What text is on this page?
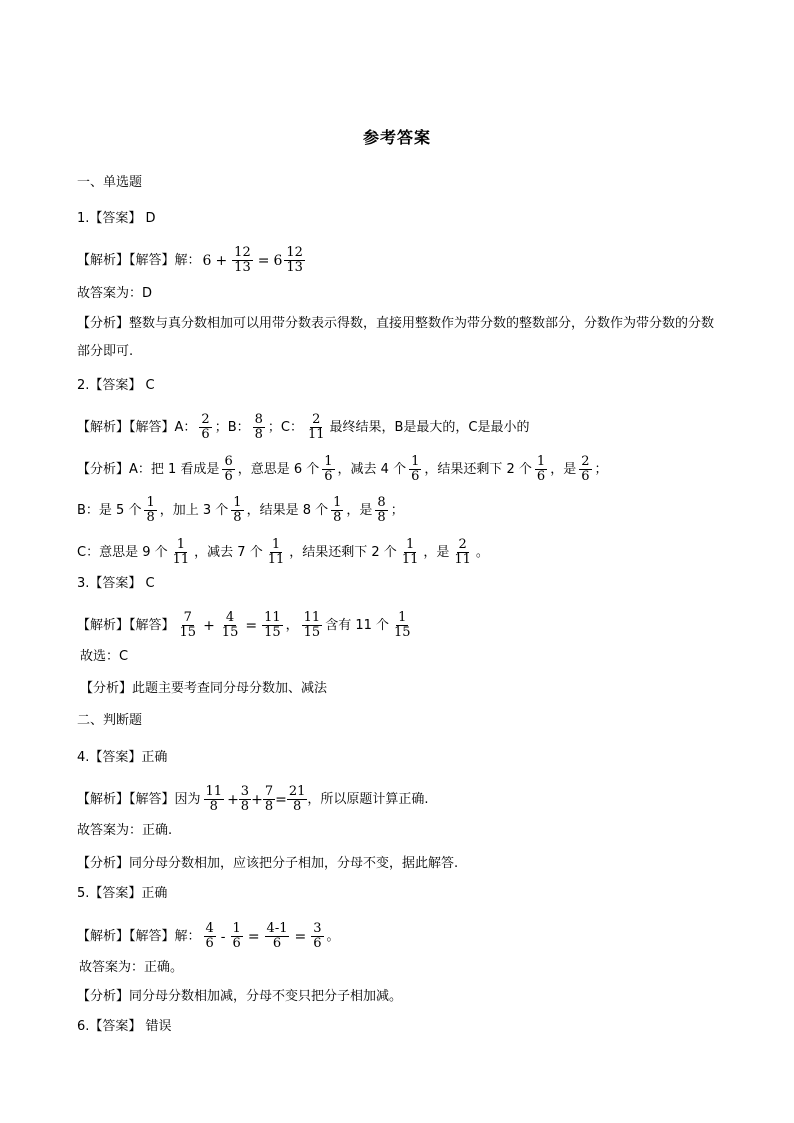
参考答案
一、单选题
1.【答案】 D
【解析】【解答】解： $6 + \frac{12}{13} = 6 \frac{12}{13}$
故答案为：D
【分析】整数与真分数相加可以用带分数表示得数，直接用整数作为带分数的整数部分，分数作为带分数的分数部分即可.
2.【答案】 C
【解析】【解答】A： $\frac{2}{6}$ ；B： $\frac{8}{8}$ ；C： $\frac{2}{11}$ 最终结果，B是最大的，C是最小的
【分析】A：把 1 看成是 $\frac{6}{6}$ ，意思是 6 个 $\frac{1}{6}$ ，减去 4 个 $\frac{1}{6}$ ，结果还剩下 2 个 $\frac{1}{6}$ ，是 $\frac{2}{6}$ ；
B：是 5 个 $\frac{1}{8}$ ，加上 3 个 $\frac{1}{8}$ ，结果是 8 个 $\frac{1}{8}$ ，是 $\frac{8}{8}$ ；
C：意思是 9 个 $\frac{1}{11}$ ，减去 7 个 $\frac{1}{11}$ ，结果还剩下 2 个 $\frac{1}{11}$ ，是 $\frac{2}{11}$ 。
3.【答案】 C
【解析】【解答】 $\frac{7}{15} + \frac{4}{15} = \frac{11}{15}$ ， $\frac{11}{15}$ 含有 11 个 $\frac{1}{15}$
故选：C
【分析】此题主要考查同分母分数加、减法
二、判断题
4.【答案】正确
【解析】【解答】因为 $\frac{11}{8} + \frac{3}{8} + \frac{7}{8} = \frac{21}{8}$ ，所以原题计算正确.
故答案为：正确.
【分析】同分母分数相加，应该把分子相加，分母不变，据此解答.
5.【答案】正确
【解析】【解答】解： $\frac{4}{6} - \frac{1}{6} = \frac{4-1}{6} = \frac{3}{6}$ 。
故答案为：正确。
【分析】同分母分数相加减，分母不变只把分子相加减。
6.【答案】 错误
